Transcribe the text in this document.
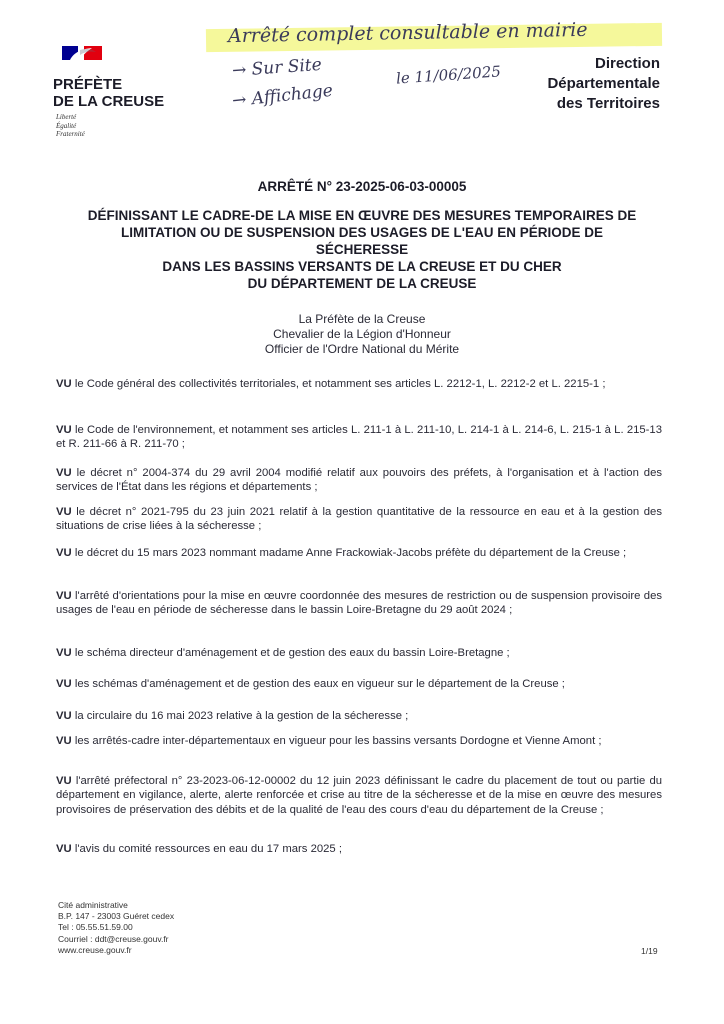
PRÉFÈTE
DE LA CREUSE
Liberté
Égalité
Fraternité
Direction
Départementale
des Territoires
Arrêté complet consultable en mairie
→ Sur Site
→ Affichage
le 11/06/2025
ARRÊTÉ N° 23-2025-06-03-00005
DÉFINISSANT LE CADRE-DE LA MISE EN ŒUVRE DES MESURES TEMPORAIRES DE
LIMITATION OU DE SUSPENSION DES USAGES DE L'EAU EN PÉRIODE DE
SÉCHERESSE
DANS LES BASSINS VERSANTS DE LA CREUSE ET DU CHER
DU DÉPARTEMENT DE LA CREUSE
La Préfète de la Creuse
Chevalier de la Légion d'Honneur
Officier de l'Ordre National du Mérite
VU le Code général des collectivités territoriales, et notamment ses articles L. 2212-1, L. 2212-2 et L. 2215-1 ;
VU le Code de l'environnement, et notamment ses articles L. 211-1 à L. 211-10, L. 214-1 à L. 214-6, L. 215-1 à L. 215-13 et R. 211-66 à R. 211-70 ;
VU le décret n° 2004-374 du 29 avril 2004 modifié relatif aux pouvoirs des préfets, à l'organisation et à l'action des services de l'État dans les régions et départements ;
VU le décret n° 2021-795 du 23 juin 2021 relatif à la gestion quantitative de la ressource en eau et à la gestion des situations de crise liées à la sécheresse ;
VU le décret du 15 mars 2023 nommant madame Anne Frackowiak-Jacobs préfète du département de la Creuse ;
VU l'arrêté d'orientations pour la mise en œuvre coordonnée des mesures de restriction ou de suspension provisoire des usages de l'eau en période de sécheresse dans le bassin Loire-Bretagne du 29 août 2024 ;
VU le schéma directeur d'aménagement et de gestion des eaux du bassin Loire-Bretagne ;
VU les schémas d'aménagement et de gestion des eaux en vigueur sur le département de la Creuse ;
VU la circulaire du 16 mai 2023 relative à la gestion de la sécheresse ;
VU les arrêtés-cadre inter-départementaux en vigueur pour les bassins versants Dordogne et Vienne Amont ;
VU l'arrêté préfectoral n° 23-2023-06-12-00002 du 12 juin 2023 définissant le cadre du placement de tout ou partie du département en vigilance, alerte, alerte renforcée et crise au titre de la sécheresse et de la mise en œuvre des mesures provisoires de préservation des débits et de la qualité de l'eau des cours d'eau du département de la Creuse ;
VU l'avis du comité ressources en eau du 17 mars 2025 ;
Cité administrative
B.P. 147 - 23003 Guéret cedex
Tel : 05.55.51.59.00
Courriel : ddt@creuse.gouv.fr
www.creuse.gouv.fr	1/19
